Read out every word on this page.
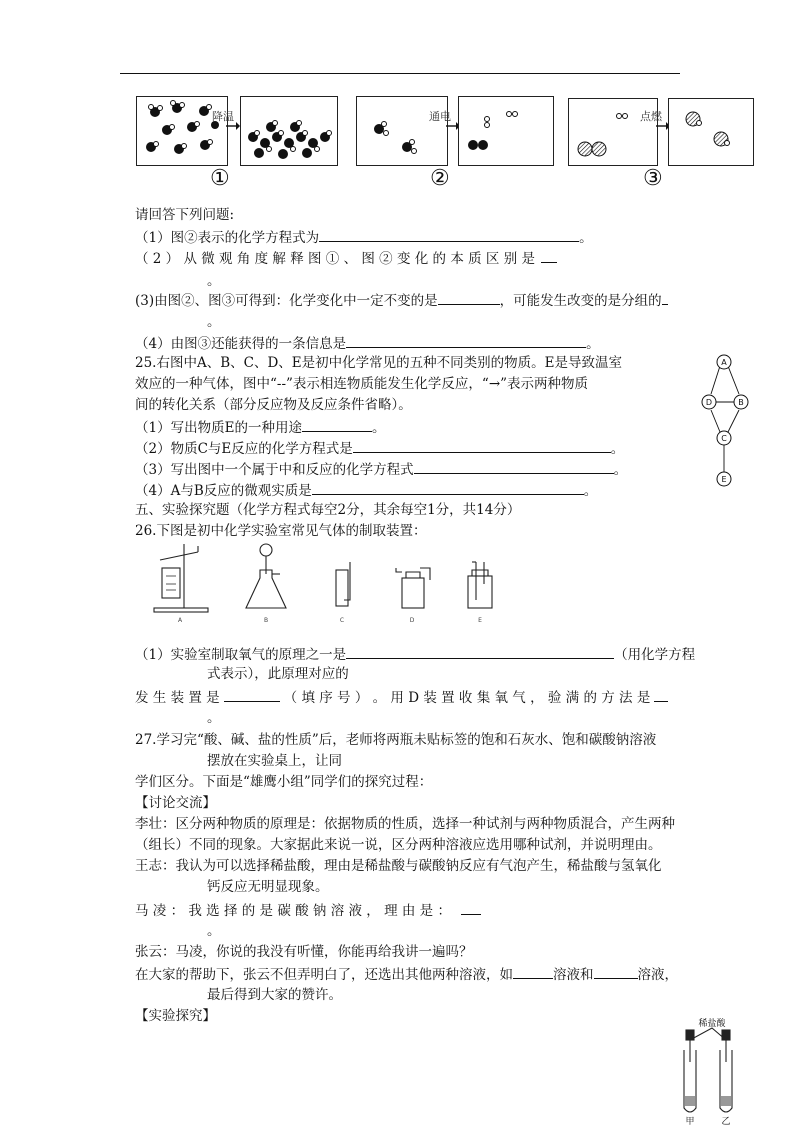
降温
①
通电
②
点燃
③
请回答下列问题:
（1）图②表示的化学方程式为	。
（ 2 ） 从 微 观 角 度 解 释 图 ① 、 图 ② 变 化 的 本 质 区 别 是
。
(3)由图②、图③可得到：化学变化中一定不变的是	，可能发生改变的是分组的
。
（4）由图③还能获得的一条信息是	。
25.右图中A、B、C、D、E是初中化学常见的五种不同类别的物质。E是导致温室
效应的一种气体，图中“--”表示相连物质能发生化学反应，“→”表示两种物质
间的转化关系（部分反应物及反应条件省略）。
（1）写出物质E的一种用途	。
（2）物质C与E反应的化学方程式是	。
（3）写出图中一个属于中和反应的化学方程式	。
（4）A与B反应的微观实质是	。
A
B
C
D
E
五、实验探究题（化学方程式每空2分，其余每空1分，共14分）
26.下图是初中化学实验室常见气体的制取装置：
A	B	C	D	E
（1）实验室制取氧气的原理之一是	（用化学方程
式表示），此原理对应的
发 生 装 置 是	（ 填 序 号 ） 。 用 D 装 置 收 集 氧 气 ， 验 满 的 方 法 是
。
27.学习完“酸、碱、盐的性质”后，老师将两瓶未贴标签的饱和石灰水、饱和碳酸钠溶液
摆放在实验桌上，让同
学们区分。下面是“雄鹰小组”同学们的探究过程：
【讨论交流】
李壮：区分两种物质的原理是：依据物质的性质，选择一种试剂与两种物质混合，产生两种
（组长）不同的现象。大家据此来说一说，区分两种溶液应选用哪种试剂，并说明理由。
王志：我认为可以选择稀盐酸，理由是稀盐酸与碳酸钠反应有气泡产生，稀盐酸与氢氧化
钙反应无明显现象。
马 凌 ： 我 选 择 的 是 碳 酸 钠 溶 液 ， 理 由 是 ：
。
张云：马凌，你说的我没有听懂，你能再给我讲一遍吗？
在大家的帮助下，张云不但弄明白了，还选出其他两种溶液，如	溶液和	溶液，
最后得到大家的赞许。
【实验探究】	稀盐酸
甲	乙
